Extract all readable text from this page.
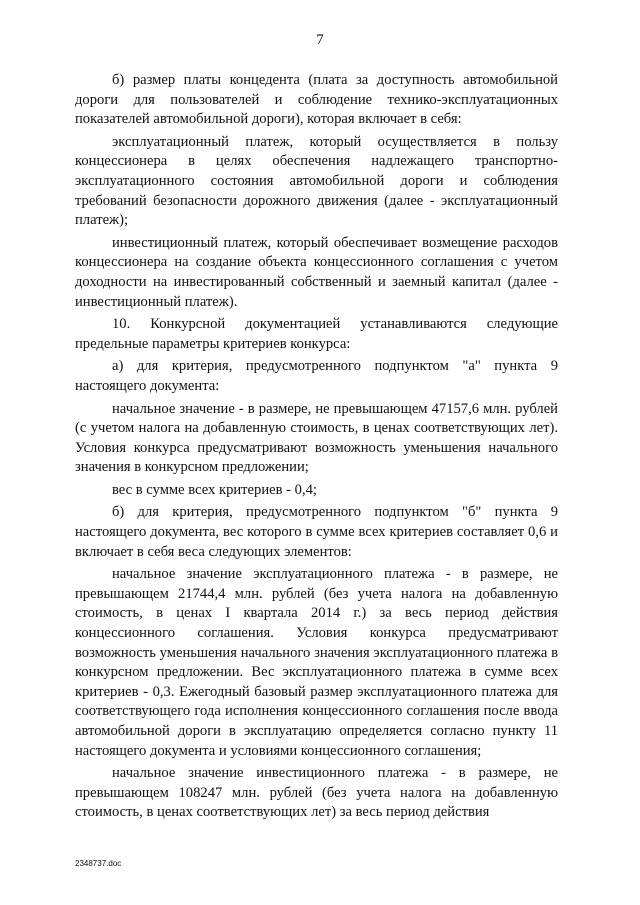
7

б) размер платы концедента (плата за доступность автомобильной дороги для пользователей и соблюдение технико-эксплуатационных показателей автомобильной дороги), которая включает в себя:

эксплуатационный платеж, который осуществляется в пользу концессионера в целях обеспечения надлежащего транспортно-эксплуатационного состояния автомобильной дороги и соблюдения требований безопасности дорожного движения (далее - эксплуатационный платеж);

инвестиционный платеж, который обеспечивает возмещение расходов концессионера на создание объекта концессионного соглашения с учетом доходности на инвестированный собственный и заемный капитал (далее - инвестиционный платеж).

10. Конкурсной документацией устанавливаются следующие предельные параметры критериев конкурса:

а) для критерия, предусмотренного подпунктом "а" пункта 9 настоящего документа:

начальное значение - в размере, не превышающем 47157,6 млн. рублей (с учетом налога на добавленную стоимость, в ценах соответствующих лет). Условия конкурса предусматривают возможность уменьшения начального значения в конкурсном предложении;

вес в сумме всех критериев - 0,4;

б) для критерия, предусмотренного подпунктом "б" пункта 9 настоящего документа, вес которого в сумме всех критериев составляет 0,6 и включает в себя веса следующих элементов:

начальное значение эксплуатационного платежа - в размере, не превышающем 21744,4 млн. рублей (без учета налога на добавленную стоимость, в ценах I квартала 2014 г.) за весь период действия концессионного соглашения. Условия конкурса предусматривают возможность уменьшения начального значения эксплуатационного платежа в конкурсном предложении. Вес эксплуатационного платежа в сумме всех критериев - 0,3. Ежегодный базовый размер эксплуатационного платежа для соответствующего года исполнения концессионного соглашения после ввода автомобильной дороги в эксплуатацию определяется согласно пункту 11 настоящего документа и условиями концессионного соглашения;

начальное значение инвестиционного платежа - в размере, не превышающем 108247 млн. рублей (без учета налога на добавленную стоимость, в ценах соответствующих лет) за весь период действия

2348737.doc
